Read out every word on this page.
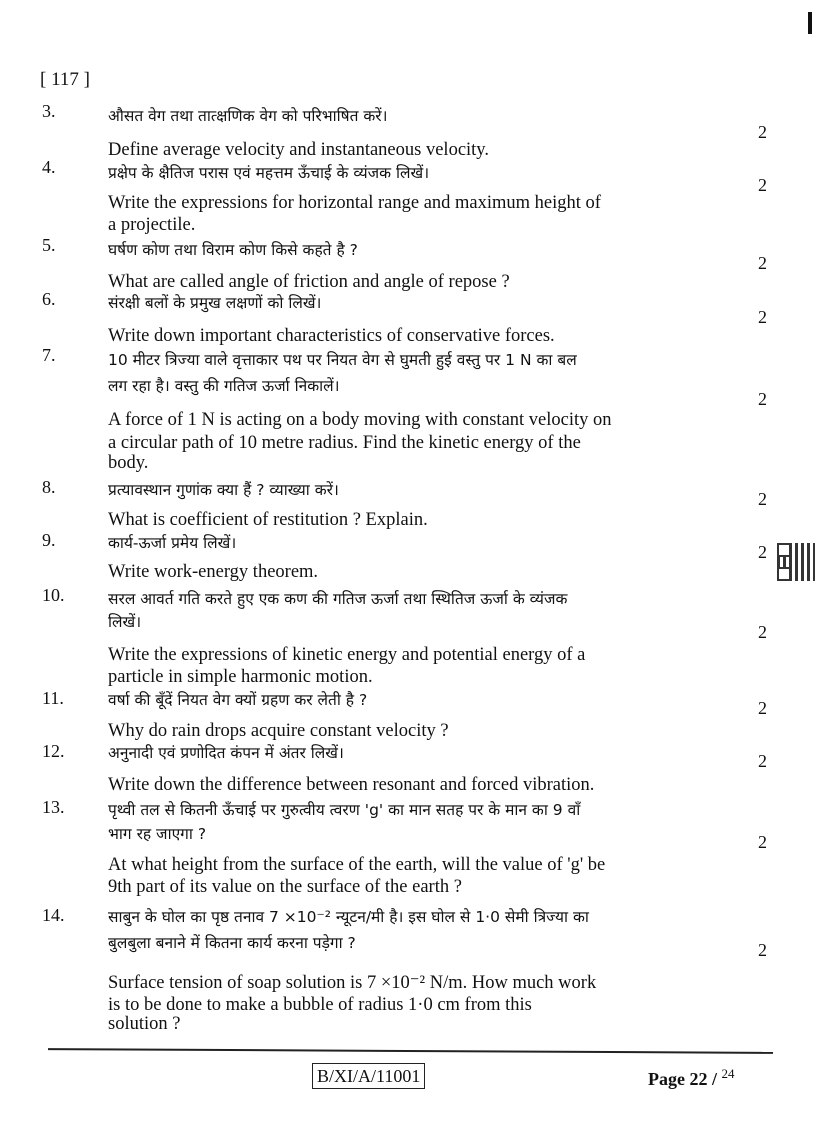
[ 117 ]
3.	औसत वेग तथा तात्क्षणिक वेग को परिभाषित करें।
2
Define average velocity and instantaneous velocity.
4.	प्रक्षेप के क्षैतिज परास एवं महत्तम ऊँचाई के व्यंजक लिखें।
2
Write the expressions for horizontal range and maximum height of
a projectile.
5.	घर्षण कोण तथा विराम कोण किसे कहते है ?
2
What are called angle of friction and angle of repose ?
6.	संरक्षी बलों के प्रमुख लक्षणों को लिखें।
2
Write down important characteristics of conservative forces.
7.	10 मीटर त्रिज्या वाले वृत्ताकार पथ पर नियत वेग से घुमती हुई वस्तु पर 1 N का बल
लग रहा है। वस्तु की गतिज ऊर्जा निकालें।
2
A force of 1 N is acting on a body moving with constant velocity on
a circular path of 10 metre radius. Find the kinetic energy of the
body.
8.	प्रत्यावस्थान गुणांक क्या हैं ? व्याख्या करें।	2
What is coefficient of restitution ? Explain.
9.	कार्य-ऊर्जा प्रमेय लिखें।	2
Write work-energy theorem.
10.	सरल आवर्त गति करते हुए एक कण की गतिज ऊर्जा तथा स्थितिज ऊर्जा के व्यंजक
लिखें।	2
Write the expressions of kinetic energy and potential energy of a
particle in simple harmonic motion.
11.	वर्षा की बूँदें नियत वेग क्यों ग्रहण कर लेती है ?	2
Why do rain drops acquire constant velocity ?
12.	अनुनादी एवं प्रणोदित कंपन में अंतर लिखें।	2
Write down the difference between resonant and forced vibration.
13.	पृथ्वी तल से कितनी ऊँचाई पर गुरुत्वीय त्वरण 'g' का मान सतह पर के मान का 9 वाँ
भाग रह जाएगा ?	2
At what height from the surface of the earth, will the value of 'g' be
9th part of its value on the surface of the earth ?
14.	साबुन के घोल का पृष्ठ तनाव 7 ×10⁻² न्यूटन/मी है। इस घोल से 1·0 सेमी त्रिज्या का
बुलबुला बनाने में कितना कार्य करना पड़ेगा ?	2
Surface tension of soap solution is 7 ×10⁻² N/m. How much work
is to be done to make a bubble of radius 1·0 cm from this
solution ?
B/XI/A/11001	Page 22 / $^{24}$
